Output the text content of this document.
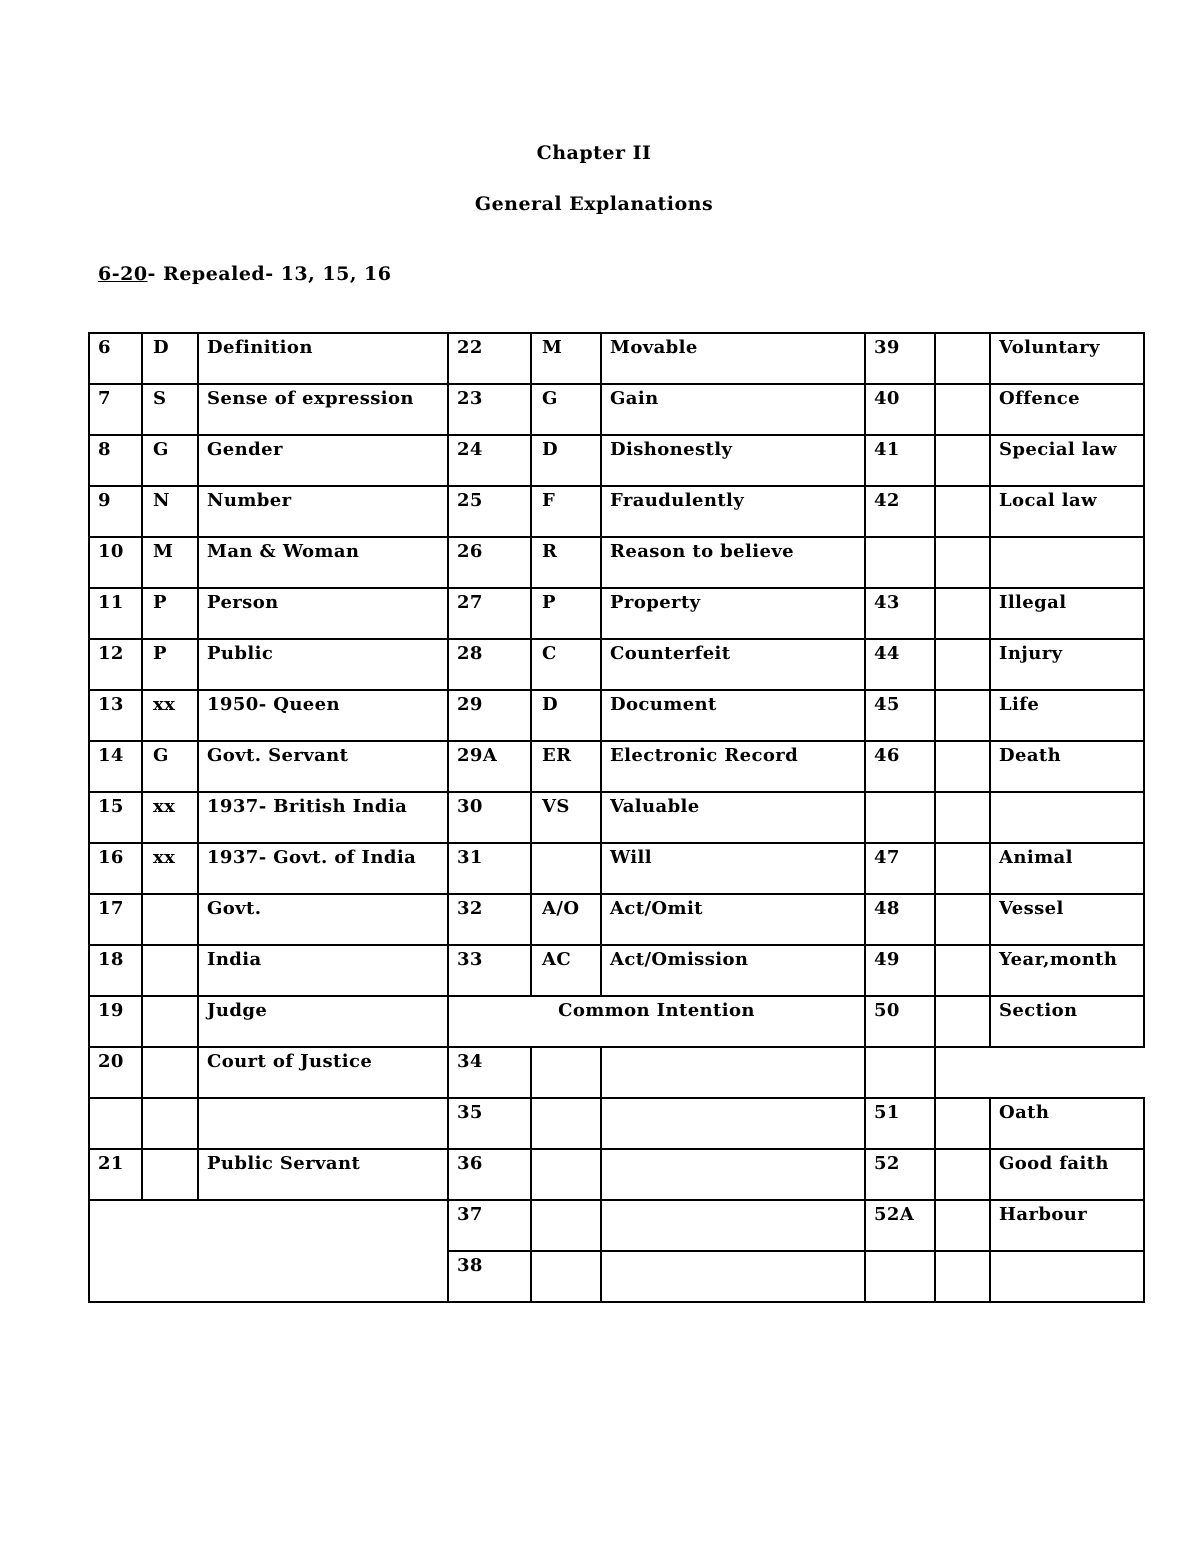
Chapter II
General Explanations
6-20- Repealed- 13, 15, 16
6	D	Definition	22	M	Movable	39		Voluntary
7	S	Sense of expression	23	G	Gain	40		Offence
8	G	Gender	24	D	Dishonestly	41		Special law
9	N	Number	25	F	Fraudulently	42		Local law
10	M	Man & Woman	26	R	Reason to believe			
11	P	Person	27	P	Property	43		Illegal
12	P	Public	28	C	Counterfeit	44		Injury
13	xx	1950- Queen	29	D	Document	45		Life
14	G	Govt. Servant	29A	ER	Electronic Record	46		Death
15	xx	1937- British India	30	VS	Valuable			
16	xx	1937- Govt. of India	31		Will	47		Animal
17		Govt.	32	A/O	Act/Omit	48		Vessel
18		India	33	AC	Act/Omission	49		Year,month
19		Judge	Common Intention			50		Section
20		Court of Justice	34					
			35			51		Oath
21		Public Servant	36			52		Good faith
			37			52A		Harbour
			38					
